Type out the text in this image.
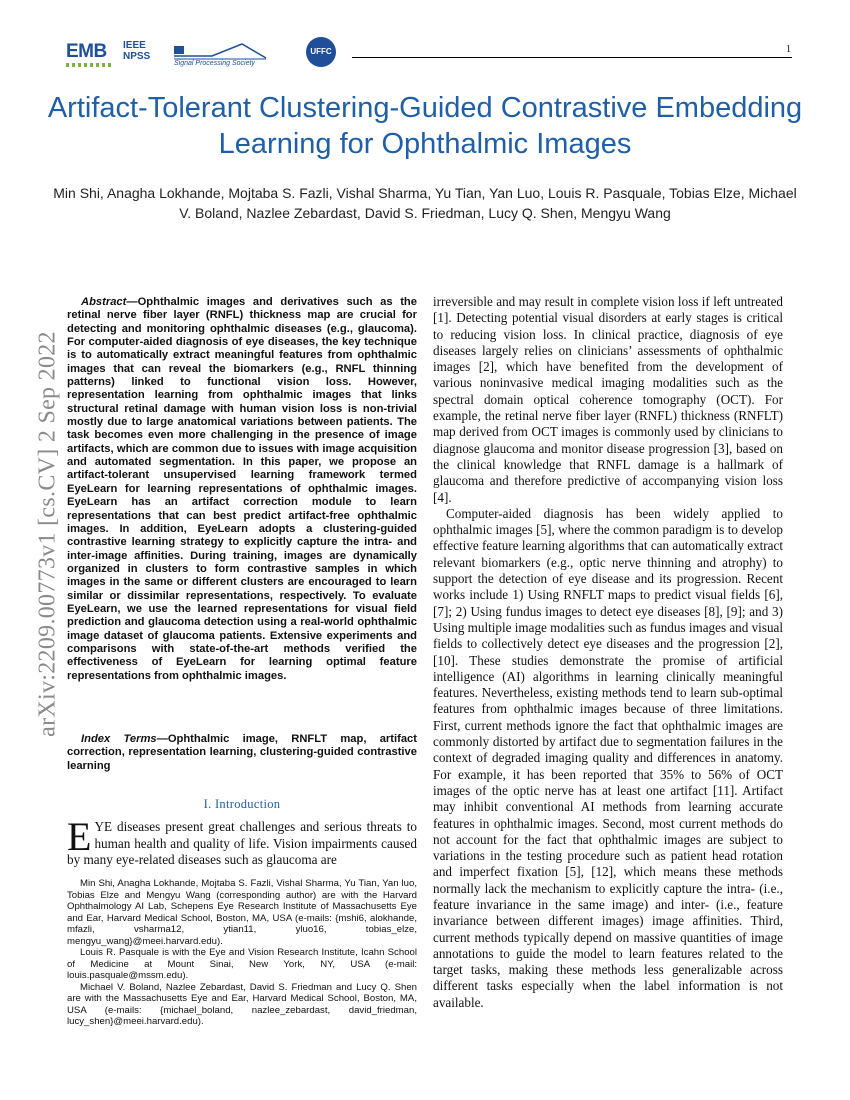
EMB IEEE
NPSS
Signal Processing Society
UFFC	1
Artifact-Tolerant Clustering-Guided Contrastive Embedding Learning for Ophthalmic Images
Min Shi, Anagha Lokhande, Mojtaba S. Fazli, Vishal Sharma, Yu Tian, Yan Luo, Louis R. Pasquale, Tobias Elze, Michael V. Boland, Nazlee Zebardast, David S. Friedman, Lucy Q. Shen, Mengyu Wang
arXiv:2209.00773v1 [cs.CV] 2 Sep 2022
Abstract—Ophthalmic images and derivatives such as the retinal nerve fiber layer (RNFL) thickness map are crucial for detecting and monitoring ophthalmic diseases (e.g., glaucoma). For computer-aided diagnosis of eye diseases, the key technique is to automatically extract meaningful features from ophthalmic images that can reveal the biomarkers (e.g., RNFL thinning patterns) linked to functional vision loss. However, representation learning from ophthalmic images that links structural retinal damage with human vision loss is non-trivial mostly due to large anatomical variations between patients. The task becomes even more challenging in the presence of image artifacts, which are common due to issues with image acquisition and automated segmentation. In this paper, we propose an artifact-tolerant unsupervised learning framework termed EyeLearn for learning representations of ophthalmic images. EyeLearn has an artifact correction module to learn representations that can best predict artifact-free ophthalmic images. In addition, EyeLearn adopts a clustering-guided contrastive learning strategy to explicitly capture the intra- and inter-image affinities. During training, images are dynamically organized in clusters to form contrastive samples in which images in the same or different clusters are encouraged to learn similar or dissimilar representations, respectively. To evaluate EyeLearn, we use the learned representations for visual field prediction and glaucoma detection using a real-world ophthalmic image dataset of glaucoma patients. Extensive experiments and comparisons with state-of-the-art methods verified the effectiveness of EyeLearn for learning optimal feature representations from ophthalmic images.
Index Terms—Ophthalmic image, RNFLT map, artifact correction, representation learning, clustering-guided contrastive learning
I. Introduction
EYE diseases present great challenges and serious threats to human health and quality of life. Vision impairments caused by many eye-related diseases such as glaucoma are

Min Shi, Anagha Lokhande, Mojtaba S. Fazli, Vishal Sharma, Yu Tian, Yan luo, Tobias Elze and Mengyu Wang (corresponding author) are with the Harvard Ophthalmology AI Lab, Schepens Eye Research Institute of Massachusetts Eye and Ear, Harvard Medical School, Boston, MA, USA (e-mails: {mshi6, alokhande, mfazli, vsharma12, ytian11, yluo16, tobias_elze, mengyu_wang}@meei.harvard.edu).

Louis R. Pasquale is with the Eye and Vision Research Institute, Icahn School of Medicine at Mount Sinai, New York, NY, USA (e-mail: louis.pasquale@mssm.edu).

Michael V. Boland, Nazlee Zebardast, David S. Friedman and Lucy Q. Shen are with the Massachusetts Eye and Ear, Harvard Medical School, Boston, MA, USA (e-mails: {michael_boland, nazlee_zebardast, david_friedman, lucy_shen}@meei.harvard.edu).

irreversible and may result in complete vision loss if left untreated [1]. Detecting potential visual disorders at early stages is critical to reducing vision loss. In clinical practice, diagnosis of eye diseases largely relies on clinicians’ assessments of ophthalmic images [2], which have benefited from the development of various noninvasive medical imaging modalities such as the spectral domain optical coherence tomography (OCT). For example, the retinal nerve fiber layer (RNFL) thickness (RNFLT) map derived from OCT images is commonly used by clinicians to diagnose glaucoma and monitor disease progression [3], based on the clinical knowledge that RNFL damage is a hallmark of glaucoma and therefore predictive of accompanying vision loss [4].

Computer-aided diagnosis has been widely applied to ophthalmic images [5], where the common paradigm is to develop effective feature learning algorithms that can automatically extract relevant biomarkers (e.g., optic nerve thinning and atrophy) to support the detection of eye disease and its progression. Recent works include 1) Using RNFLT maps to predict visual fields [6], [7]; 2) Using fundus images to detect eye diseases [8], [9]; and 3) Using multiple image modalities such as fundus images and visual fields to collectively detect eye diseases and the progression [2], [10]. These studies demonstrate the promise of artificial intelligence (AI) algorithms in learning clinically meaningful features. Nevertheless, existing methods tend to learn sub-optimal features from ophthalmic images because of three limitations. First, current methods ignore the fact that ophthalmic images are commonly distorted by artifact due to segmentation failures in the context of degraded imaging quality and differences in anatomy. For example, it has been reported that 35% to 56% of OCT images of the optic nerve has at least one artifact [11]. Artifact may inhibit conventional AI methods from learning accurate features in ophthalmic images. Second, most current methods do not account for the fact that ophthalmic images are subject to variations in the testing procedure such as patient head rotation and imperfect fixation [5], [12], which means these methods normally lack the mechanism to explicitly capture the intra- (i.e., feature invariance in the same image) and inter- (i.e., feature invariance between different images) image affinities. Third, current methods typically depend on massive quantities of image annotations to guide the model to learn features related to the target tasks, making these methods less generalizable across different tasks especially when the label information is not available.
